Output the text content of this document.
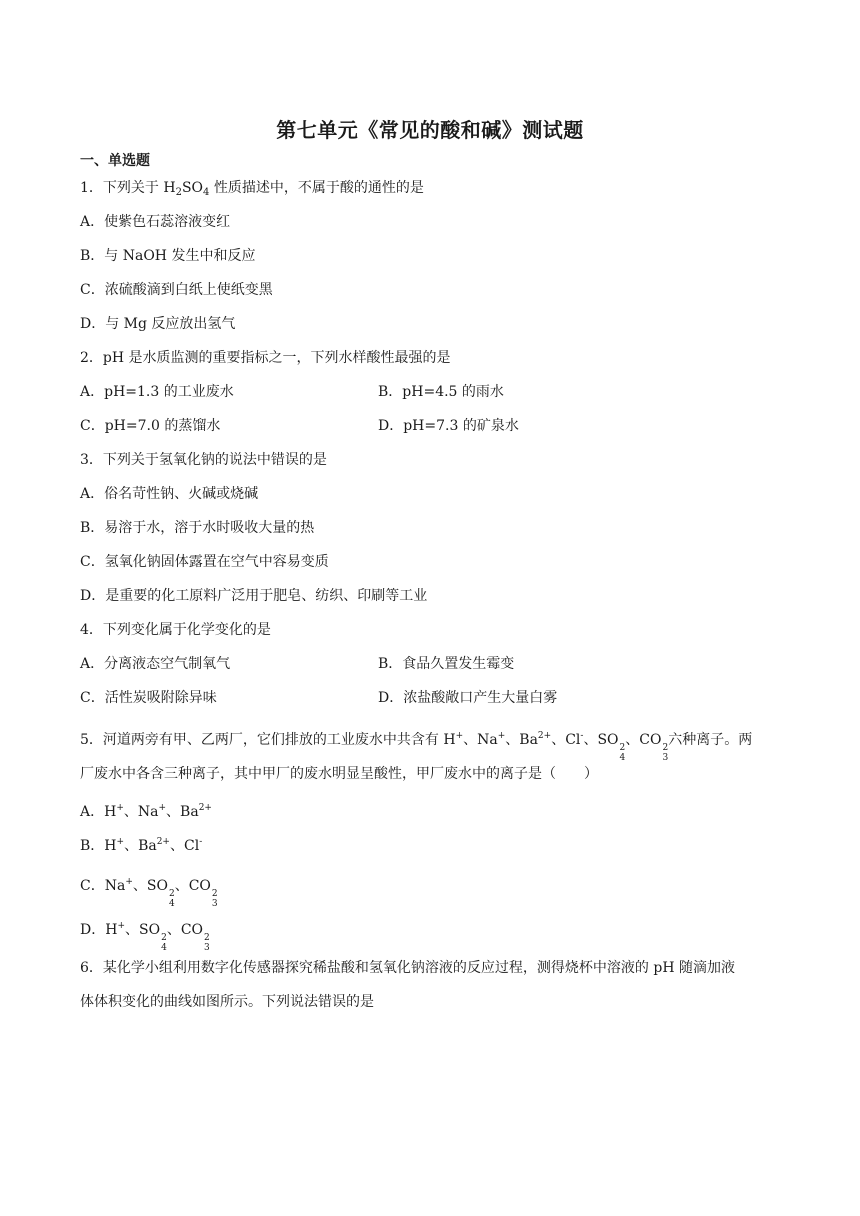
第七单元《常见的酸和碱》测试题
一、单选题
1．下列关于 $H_2SO_4$ 性质描述中，不属于酸的通性的是
A．使紫色石蕊溶液变红
B．与 NaOH 发生中和反应
C．浓硫酸滴到白纸上使纸变黑
D．与 Mg 反应放出氢气
2．pH 是水质监测的重要指标之一，下列水样酸性最强的是
A．pH=1.3 的工业废水	B．pH=4.5 的雨水
C．pH=7.0 的蒸馏水	D．pH=7.3 的矿泉水
3．下列关于氢氧化钠的说法中错误的是
A．俗名苛性钠、火碱或烧碱
B．易溶于水，溶于水时吸收大量的热
C．氢氧化钠固体露置在空气中容易变质
D．是重要的化工原料广泛用于肥皂、纺织、印刷等工业
4．下列变化属于化学变化的是
A．分离液态空气制氧气	B．食品久置发生霉变
C．活性炭吸附除异味	D．浓盐酸敞口产生大量白雾
5．河道两旁有甲、乙两厂，它们排放的工业废水中共含有 H+、Na+、$Ba^{2+}$、Cl-、SO 2
4
、CO 2
3
六种离子。两
厂废水中各含三种离子，其中甲厂的废水明显呈酸性，甲厂废水中的离子是（　　）
A．H+、Na+、$Ba^{2+}$
B．H+、$Ba^{2+}$、Cl-
C．Na+、SO 2
4
、CO 2
3
D．H+、SO 2
4
、CO 2
3
6．某化学小组利用数字化传感器探究稀盐酸和氢氧化钠溶液的反应过程，测得烧杯中溶液的 pH 随滴加液
体体积变化的曲线如图所示。下列说法错误的是
